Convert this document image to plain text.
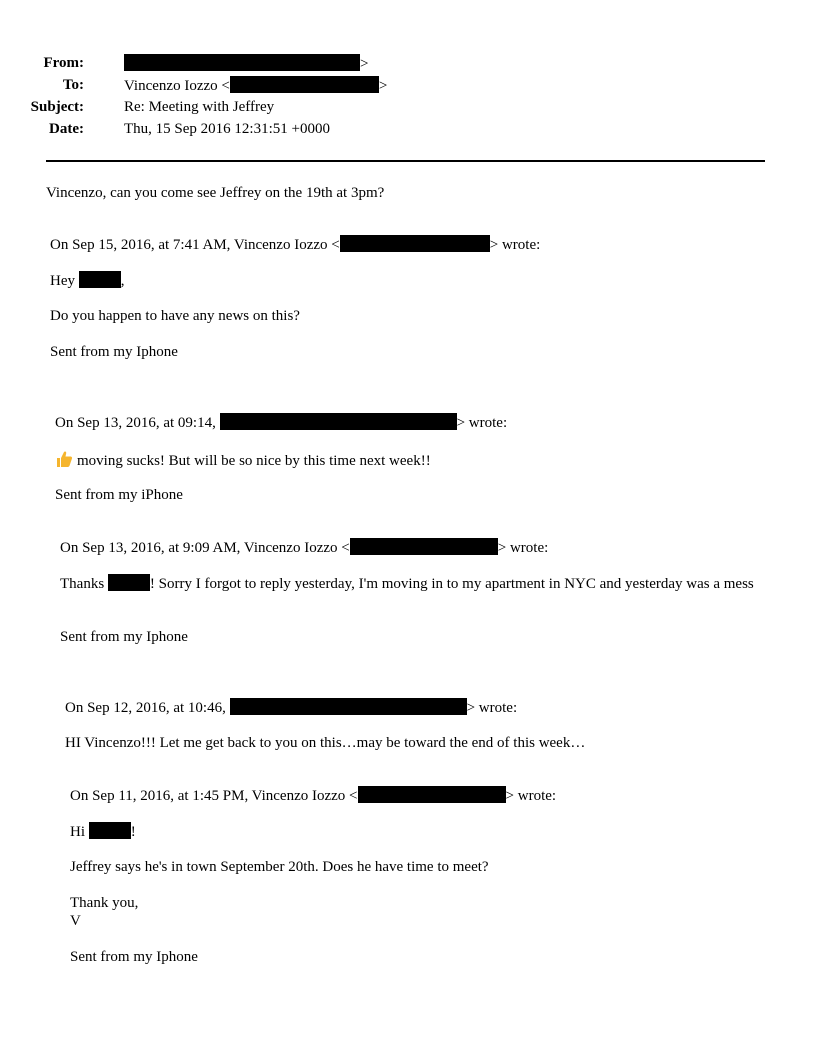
From:	>
To:	Vincenzo Iozzo <	>
Subject:	Re: Meeting with Jeffrey
Date:	Thu, 15 Sep 2016 12:31:51 +0000
Vincenzo, can you come see Jeffrey on the 19th at 3pm?
On Sep 15, 2016, at 7:41 AM, Vincenzo Iozzo <	> wrote:
Hey	,
Do you happen to have any news on this?
Sent from my Iphone
On Sep 13, 2016, at 09:14,	> wrote:
moving sucks! But will be so nice by this time next week!!
Sent from my iPhone
On Sep 13, 2016, at 9:09 AM, Vincenzo Iozzo <	> wrote:
Thanks	! Sorry I forgot to reply yesterday, I'm moving in to my apartment in NYC and yesterday was a mess
Sent from my Iphone
On Sep 12, 2016, at 10:46,	> wrote:
HI Vincenzo!!! Let me get back to you on this…may be toward the end of this week…
On Sep 11, 2016, at 1:45 PM, Vincenzo Iozzo <	> wrote:
Hi	!
Jeffrey says he's in town September 20th. Does he have time to meet?
Thank you,
V
Sent from my Iphone
